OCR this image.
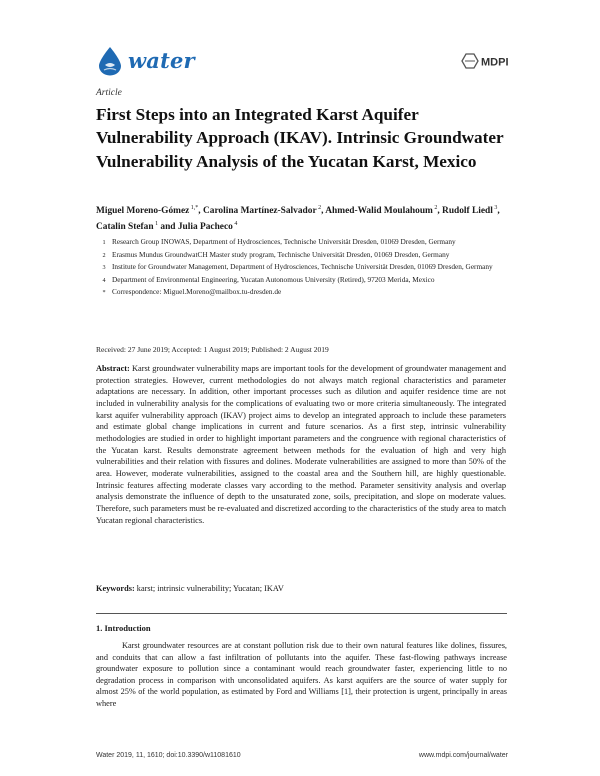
water	MDPI
Article
First Steps into an Integrated Karst Aquifer Vulnerability Approach (IKAV). Intrinsic Groundwater Vulnerability Analysis of the Yucatan Karst, Mexico
Miguel Moreno-Gómez $^{1,*}$, Carolina Martínez-Salvador $^2$, Ahmed-Walid Moulahoum $^2$, Rudolf Liedl $^3$, Catalin Stefan $^1$ and Julia Pacheco $^4$
1 Research Group INOWAS, Department of Hydrosciences, Technische Universität Dresden, 01069 Dresden, Germany
2 Erasmus Mundus GroundwatCH Master study program, Technische Universität Dresden, 01069 Dresden, Germany
3 Institute for Groundwater Management, Department of Hydrosciences, Technische Universität Dresden, 01069 Dresden, Germany
4 Department of Environmental Engineering, Yucatan Autonomous University (Retired), 97203 Merida, Mexico
* Correspondence: Miguel.Moreno@mailbox.tu-dresden.de
Received: 27 June 2019; Accepted: 1 August 2019; Published: 2 August 2019
Abstract: Karst groundwater vulnerability maps are important tools for the development of groundwater management and protection strategies. However, current methodologies do not always match regional characteristics and parameter adaptations are necessary. In addition, other important processes such as dilution and aquifer residence time are not included in vulnerability analysis for the complications of evaluating two or more criteria simultaneously. The integrated karst aquifer vulnerability approach (IKAV) project aims to develop an integrated approach to include these parameters and estimate global change implications in current and future scenarios. As a first step, intrinsic vulnerability methodologies are studied in order to highlight important parameters and the congruence with regional characteristics of the Yucatan karst. Results demonstrate agreement between methods for the evaluation of high and very high vulnerabilities and their relation with fissures and dolines. Moderate vulnerabilities are assigned to more than 50% of the area. However, moderate vulnerabilities, assigned to the coastal area and the Southern hill, are highly questionable. Intrinsic features affecting moderate classes vary according to the method. Parameter sensitivity analysis and overlap analysis demonstrate the influence of depth to the unsaturated zone, soils, precipitation, and slope on moderate values. Therefore, such parameters must be re-evaluated and discretized according to the characteristics of the study area to match Yucatan regional characteristics.
Keywords: karst; intrinsic vulnerability; Yucatan; IKAV
1. Introduction
Karst groundwater resources are at constant pollution risk due to their own natural features like dolines, fissures, and conduits that can allow a fast infiltration of pollutants into the aquifer. These fast-flowing pathways increase groundwater exposure to pollution since a contaminant would reach groundwater faster, experiencing little to no degradation process in comparison with unconsolidated aquifers. As karst aquifers are the source of water supply for almost 25% of the world population, as estimated by Ford and Williams [1], their protection is urgent, principally in areas where
Water 2019, 11, 1610; doi:10.3390/w11081610	www.mdpi.com/journal/water
